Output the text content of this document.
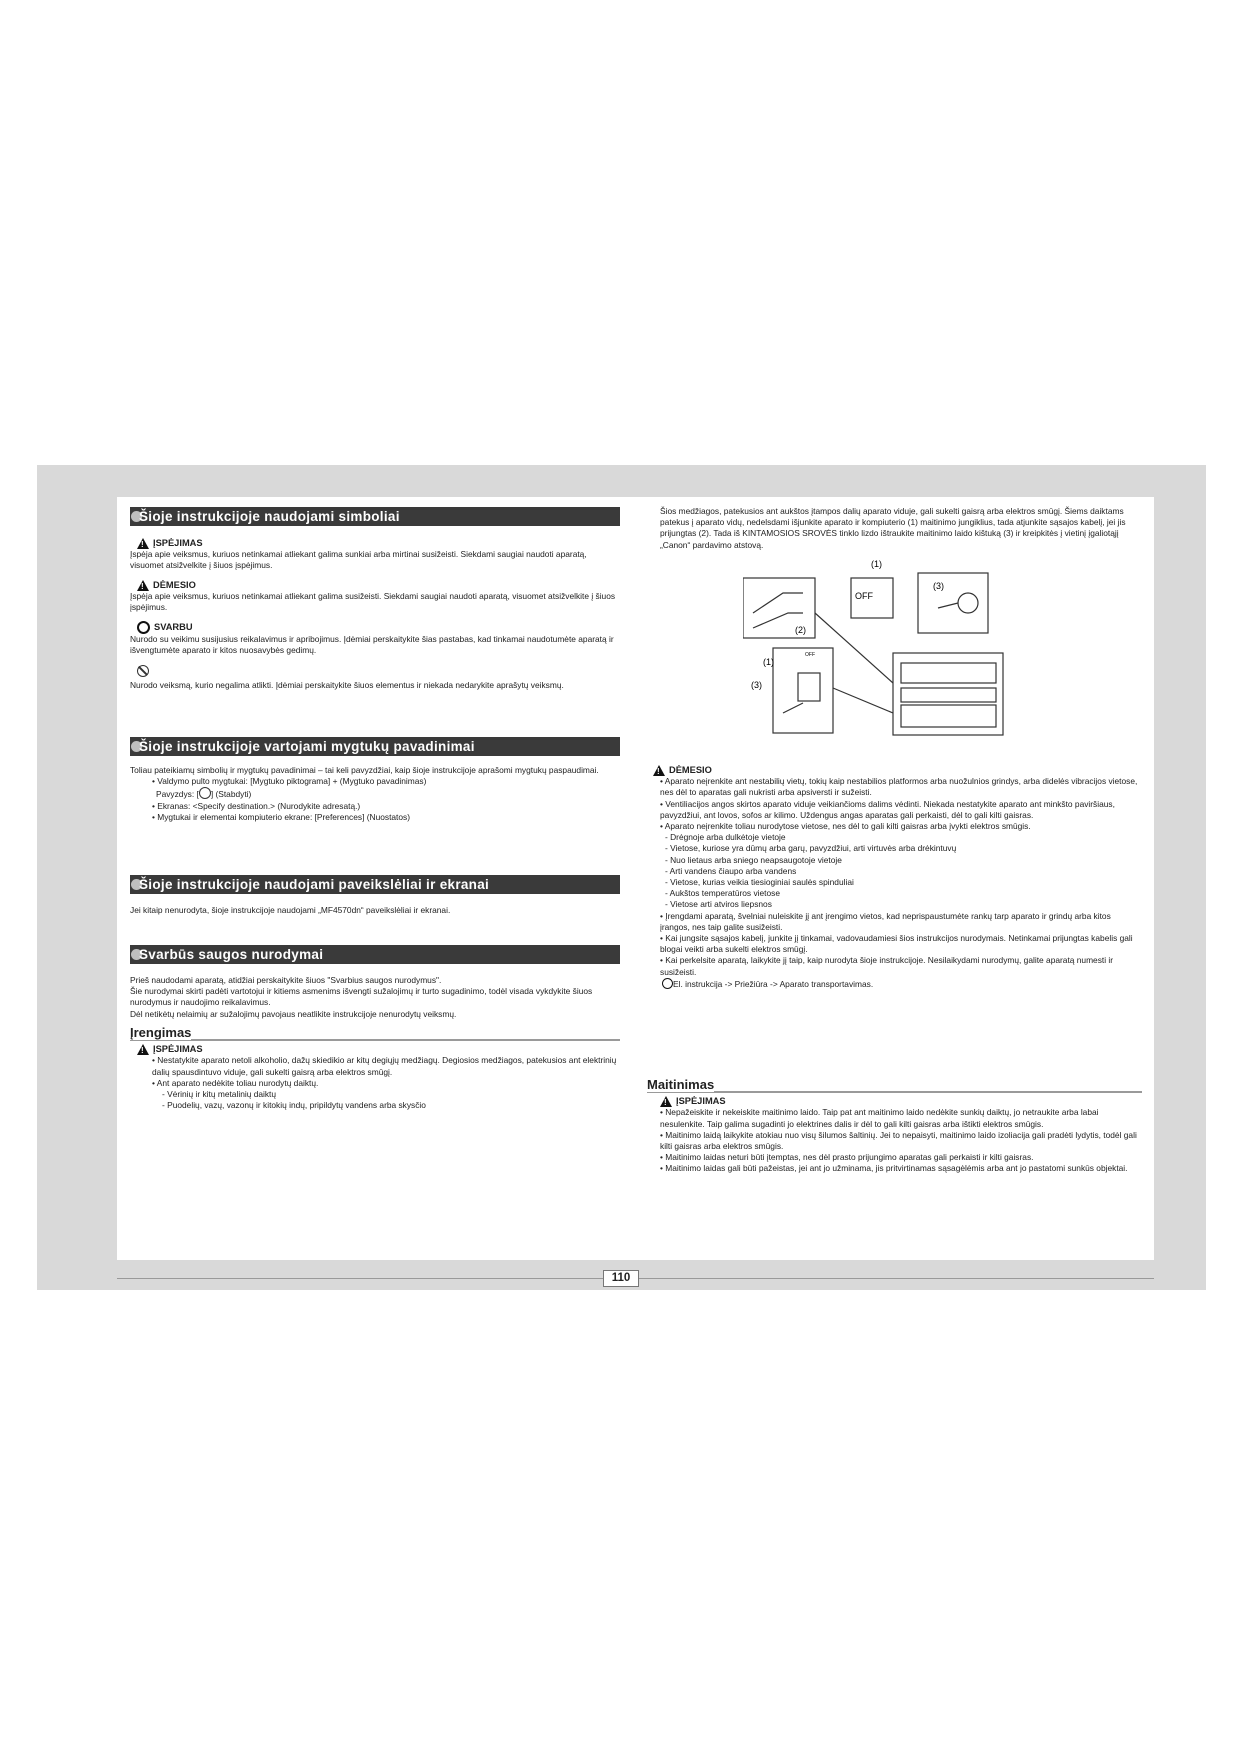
Šioje instrukcijoje naudojami simboliai
!
ĮSPĖJIMAS

Įspėja apie veiksmus, kuriuos netinkamai atliekant galima sunkiai arba mirtinai susižeisti. Siekdami saugiai naudoti aparatą, visuomet atsižvelkite į šiuos įspėjimus.

!
DĖMESIO

Įspėja apie veiksmus, kuriuos netinkamai atliekant galima susižeisti. Siekdami saugiai naudoti aparatą, visuomet atsižvelkite į šiuos įspėjimus.

SVARBU

Nurodo su veikimu susijusius reikalavimus ir apribojimus. Įdėmiai perskaitykite šias pastabas, kad tinkamai naudotumėte aparatą ir išvengtumėte aparato ir kitos nuosavybės gedimų.

Nurodo veiksmą, kurio negalima atlikti. Įdėmiai perskaitykite šiuos elementus ir niekada nedarykite aprašytų veiksmų.

Šioje instrukcijoje vartojami mygtukų pavadinimai

Toliau pateikiamų simbolių ir mygtukų pavadinimai – tai keli pavyzdžiai, kaip šioje instrukcijoje aprašomi mygtukų paspaudimai.

• Valdymo pulto mygtukai: [Mygtuko piktograma] + (Mygtuko pavadinimas)

Pavyzdys: [ ] (Stabdyti)

• Ekranas: <Specify destination.> (Nurodykite adresatą.)

• Mygtukai ir elementai kompiuterio ekrane: [Preferences] (Nuostatos)

Šioje instrukcijoje naudojami paveikslėliai ir ekranai

Jei kitaip nenurodyta, šioje instrukcijoje naudojami „MF4570dn“ paveikslėliai ir ekranai.

Svarbūs saugos nurodymai

Prieš naudodami aparatą, atidžiai perskaitykite šiuos "Svarbius saugos nurodymus".
Šie nurodymai skirti padėti vartotojui ir kitiems asmenims išvengti sužalojimų ir turto sugadinimo, todėl visada vykdykite šiuos nurodymus ir naudojimo reikalavimus.
Dėl netikėtų nelaimių ar sužalojimų pavojaus neatlikite instrukcijoje nenurodytų veiksmų.

Įrengimas
!
ĮSPĖJIMAS

• Nestatykite aparato netoli alkoholio, dažų skiedikio ar kitų degiųjų medžiagų. Degiosios medžiagos, patekusios ant elektrinių dalių spausdintuvo viduje, gali sukelti gaisrą arba elektros smūgį.

• Ant aparato nedėkite toliau nurodytų daiktų.

- Vėrinių ir kitų metalinių daiktų

- Puodelių, vazų, vazonų ir kitokių indų, pripildytų vandens arba skysčio

Šios medžiagos, patekusios ant aukštos įtampos dalių aparato viduje, gali sukelti gaisrą arba elektros smūgį. Šiems daiktams patekus į aparato vidų, nedelsdami išjunkite aparato ir kompiuterio (1) maitinimo jungiklius, tada atjunkite sąsajos kabelį, jei jis prijungtas (2). Tada iš KINTAMOSIOS SROVĖS tinklo lizdo ištraukite maitinimo laido kištuką (3) ir kreipkitės į vietinį įgaliotąjį „Canon“ pardavimo atstovą.

(1)
(2)
(3)
(1)
(3)
OFF
OFF
!
DĖMESIO

• Aparato neįrenkite ant nestabilių vietų, tokių kaip nestabilios platformos arba nuožulnios grindys, arba didelės vibracijos vietose, nes dėl to aparatas gali nukristi arba apsiversti ir sužeisti.

• Ventiliacijos angos skirtos aparato viduje veikiančioms dalims vėdinti. Niekada nestatykite aparato ant minkšto paviršiaus, pavyzdžiui, ant lovos, sofos ar kilimo. Uždengus angas aparatas gali perkaisti, dėl to gali kilti gaisras.

• Aparato neįrenkite toliau nurodytose vietose, nes dėl to gali kilti gaisras arba įvykti elektros smūgis.

- Drėgnoje arba dulkėtoje vietoje

- Vietose, kuriose yra dūmų arba garų, pavyzdžiui, arti virtuvės arba drėkintuvų

- Nuo lietaus arba sniego neapsaugotoje vietoje

- Arti vandens čiaupo arba vandens

- Vietose, kurias veikia tiesioginiai saulės spinduliai

- Aukštos temperatūros vietose

- Vietose arti atviros liepsnos

• Įrengdami aparatą, švelniai nuleiskite jį ant įrengimo vietos, kad neprispaustumėte rankų tarp aparato ir grindų arba kitos įrangos, nes taip galite susižeisti.

• Kai jungsite sąsajos kabelį, junkite jį tinkamai, vadovaudamiesi šios instrukcijos nurodymais. Netinkamai prijungtas kabelis gali blogai veikti arba sukelti elektros smūgį.

• Kai perkelsite aparatą, laikykite jį taip, kaip nurodyta šioje instrukcijoje. Nesilaikydami nurodymų, galite aparatą numesti ir susižeisti.

El. instrukcija -> Priežiūra -> Aparato transportavimas.

Maitinimas
!
ĮSPĖJIMAS

• Nepažeiskite ir nekeiskite maitinimo laido. Taip pat ant maitinimo laido nedėkite sunkių daiktų, jo netraukite arba labai nesulenkite. Taip galima sugadinti jo elektrines dalis ir dėl to gali kilti gaisras arba ištikti elektros smūgis.

• Maitinimo laidą laikykite atokiau nuo visų šilumos šaltinių. Jei to nepaisyti, maitinimo laido izoliacija gali pradėti lydytis, todėl gali kilti gaisras arba elektros smūgis.

• Maitinimo laidas neturi būti įtemptas, nes dėl prasto prijungimo aparatas gali perkaisti ir kilti gaisras.

• Maitinimo laidas gali būti pažeistas, jei ant jo užminama, jis pritvirtinamas sąsagėlėmis arba ant jo pastatomi sunkūs objektai.

110
